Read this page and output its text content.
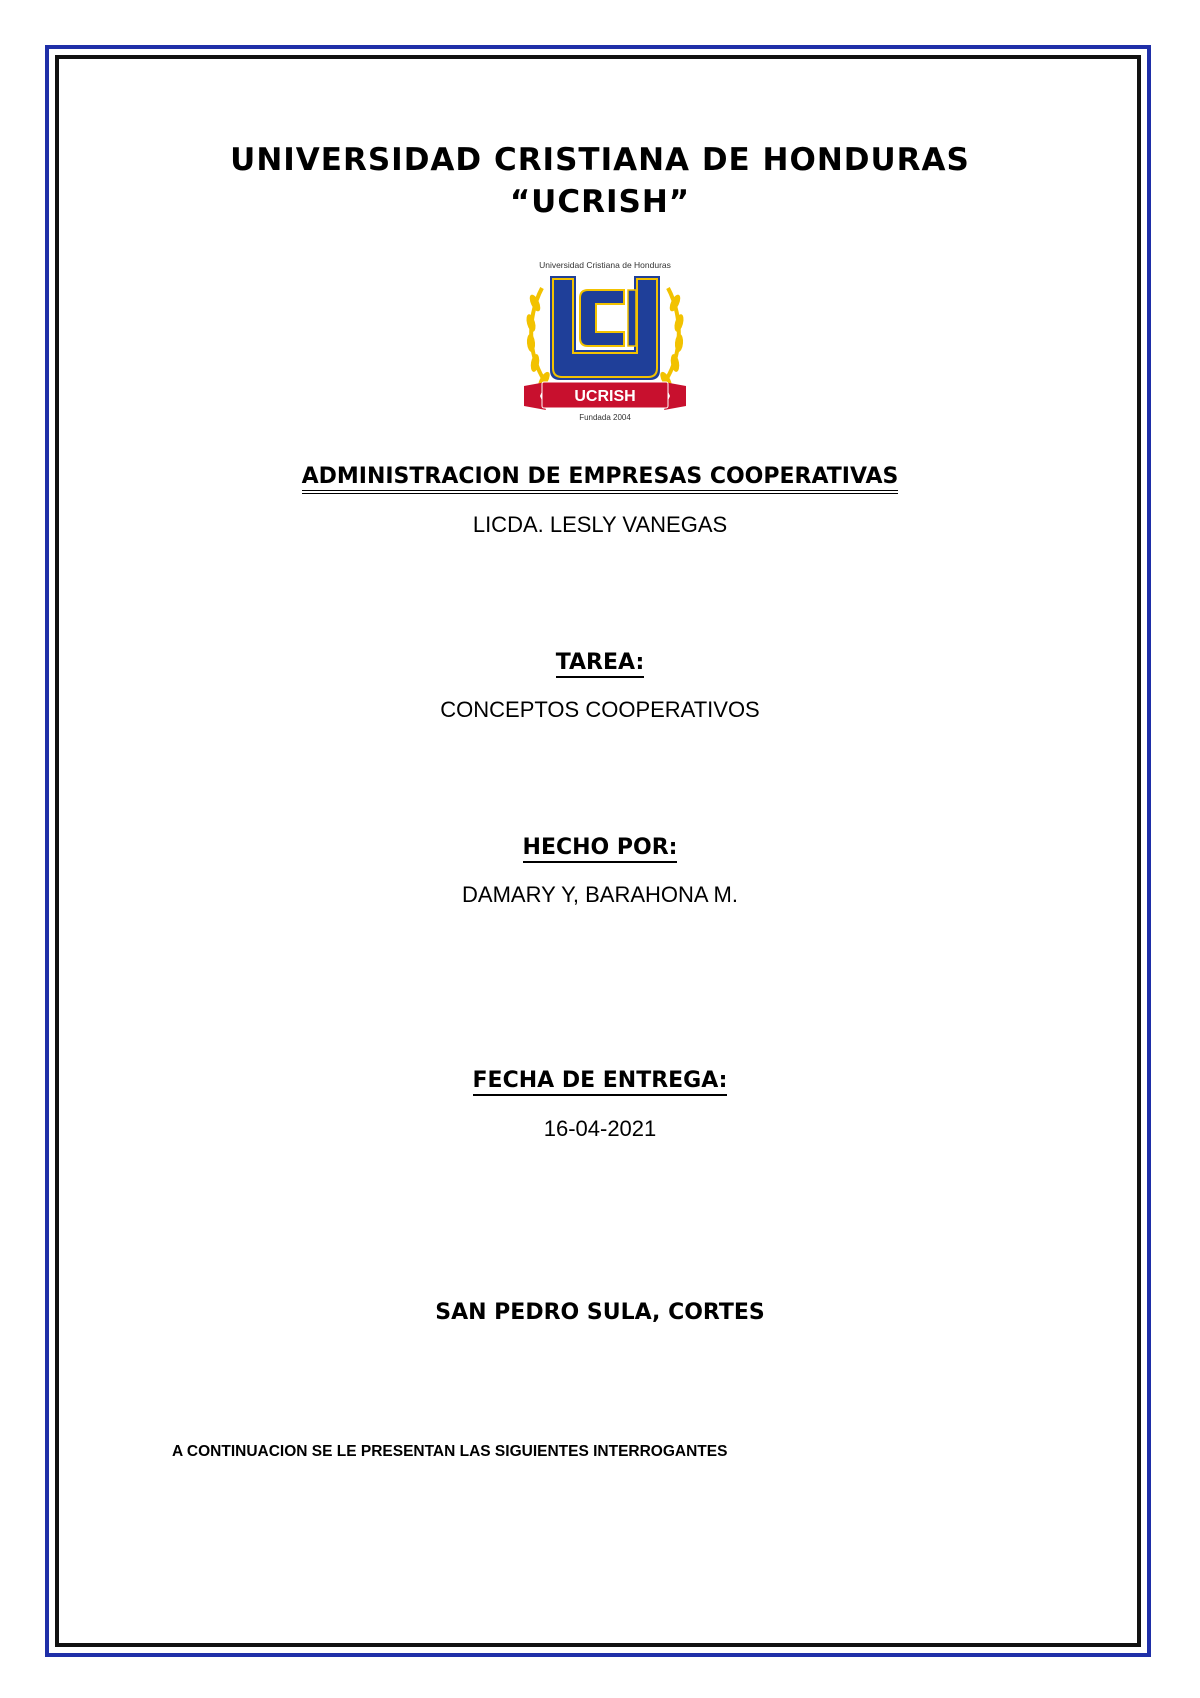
UNIVERSIDAD CRISTIANA DE HONDURAS
“UCRISH”
Universidad Cristiana de Honduras
UCRISH
Fundada 2004
ADMINISTRACION DE EMPRESAS COOPERATIVAS
LICDA. LESLY VANEGAS
TAREA:
CONCEPTOS COOPERATIVOS
HECHO POR:
DAMARY Y, BARAHONA M.
FECHA DE ENTREGA:
16-04-2021
SAN PEDRO SULA, CORTES
A CONTINUACION SE LE PRESENTAN LAS SIGUIENTES INTERROGANTES
